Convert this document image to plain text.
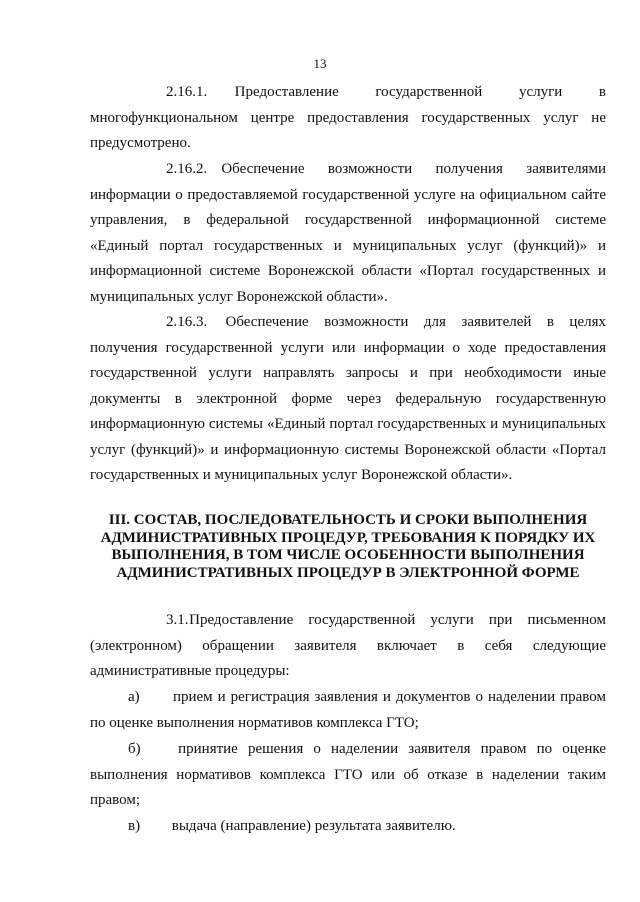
13

2.16.1. Предоставление государственной услуги в многофункциональном центре предоставления государственных услуг не предусмотрено.

2.16.2. Обеспечение возможности получения заявителями информации о предоставляемой государственной услуге на официальном сайте управления, в федеральной государственной информационной системе «Единый портал государственных и муниципальных услуг (функций)» и информационной системе Воронежской области «Портал государственных и муниципальных услуг Воронежской области».

2.16.3. Обеспечение возможности для заявителей в целях получения государственной услуги или информации о ходе предоставления государственной услуги направлять запросы и при необходимости иные документы в электронной форме через федеральную государственную информационную системы «Единый портал государственных и муниципальных услуг (функций)» и информационную системы Воронежской области «Портал государственных и муниципальных услуг Воронежской области».

III. СОСТАВ, ПОСЛЕДОВАТЕЛЬНОСТЬ И СРОКИ ВЫПОЛНЕНИЯ
АДМИНИСТРАТИВНЫХ ПРОЦЕДУР, ТРЕБОВАНИЯ К ПОРЯДКУ ИХ
ВЫПОЛНЕНИЯ, В ТОМ ЧИСЛЕ ОСОБЕННОСТИ ВЫПОЛНЕНИЯ
АДМИНИСТРАТИВНЫХ ПРОЦЕДУР В ЭЛЕКТРОННОЙ ФОРМЕ

3.1. Предоставление государственной услуги при письменном (электронном) обращении заявителя включает в себя следующие административные процедуры:

а) прием и регистрация заявления и документов о наделении правом по оценке выполнения нормативов комплекса ГТО;

б) принятие решения о наделении заявителя правом по оценке выполнения нормативов комплекса ГТО или об отказе в наделении таким правом;

в) выдача (направление) результата заявителю.
